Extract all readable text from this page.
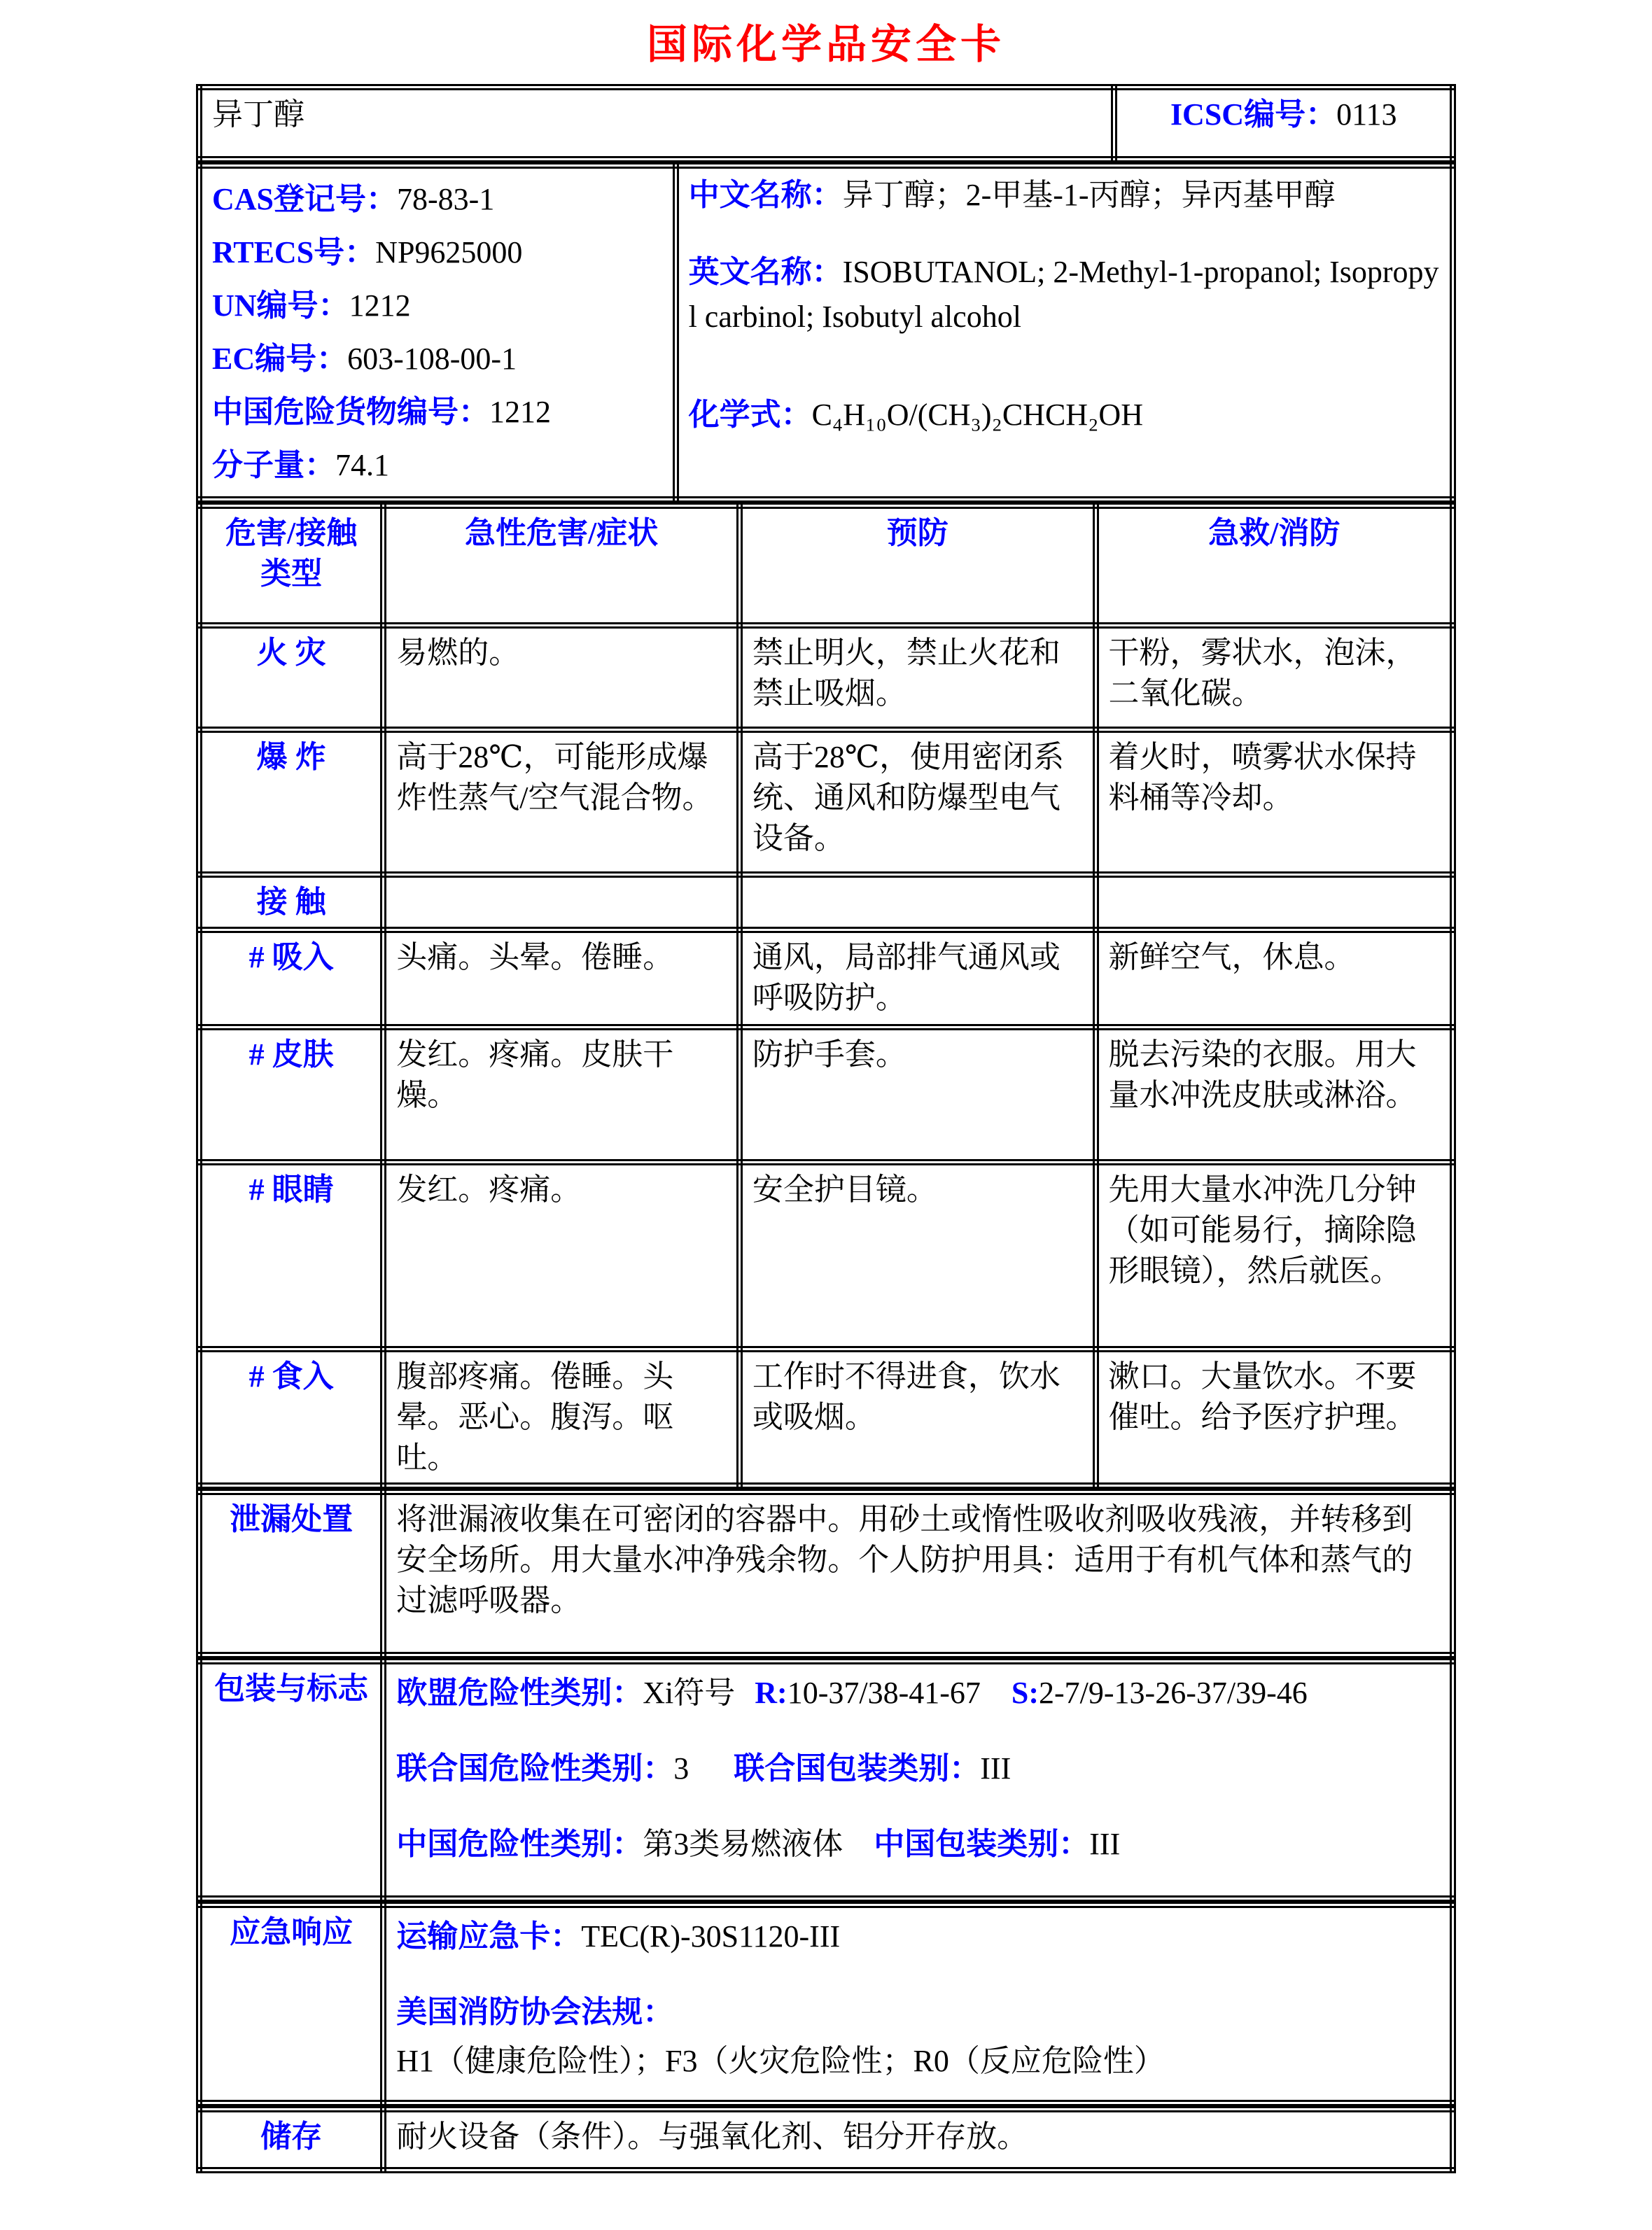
国际化学品安全卡
异丁醇	ICSC编号：0113
CAS登记号：78-83-1
RTECS号：NP9625000
UN编号：1212
EC编号：603-108-00-1
中国危险货物编号：1212
分子量：74.1

中文名称：异丁醇；2-甲基-1-丙醇；异丙基甲醇

英文名称：ISOBUTANOL; 2-Methyl-1-propanol; Isopropyl carbinol; Isobutyl alcohol

化学式：C₄H₁₀O/(CH₃)₂CHCH₂OH

危害/接触类型	急性危害/症状	预防	急救/消防
火 灾	易燃的。	禁止明火，禁止火花和禁止吸烟。	干粉，雾状水，泡沫，二氧化碳。
爆 炸	高于28℃，可能形成爆炸性蒸气/空气混合物。	高于28℃，使用密闭系统、通风和防爆型电气设备。	着火时，喷雾状水保持料桶等冷却。
接 触			
# 吸入	头痛。头晕。倦睡。	通风，局部排气通风或呼吸防护。	新鲜空气，休息。
# 皮肤	发红。疼痛。皮肤干燥。	防护手套。	脱去污染的衣服。用大量水冲洗皮肤或淋浴。
# 眼睛	发红。疼痛。	安全护目镜。	先用大量水冲洗几分钟（如可能易行，摘除隐形眼镜），然后就医。
# 食入	腹部疼痛。倦睡。头晕。恶心。腹泻。呕吐。	工作时不得进食，饮水或吸烟。	漱口。大量饮水。不要催吐。给予医疗护理。
泄漏处置	将泄漏液收集在可密闭的容器中。用砂土或惰性吸收剂吸收残液，并转移到安全场所。用大量水冲净残余物。个人防护用具：适用于有机气体和蒸气的过滤呼吸器。
包装与标志	欧盟危险性类别：Xi符号 R:10-37/38-41-67 S:2-7/9-13-26-37/39-46

联合国危险性类别：3 联合国包装类别：III

中国危险性类别：第3类易燃液体 中国包装类别：III

应急响应	运输应急卡：TEC(R)-30S1120-III

美国消防协会法规：H1（健康危险性）；F3（火灾危险性；R0（反应危险性）

储存	耐火设备（条件）。与强氧化剂、铝分开存放。
